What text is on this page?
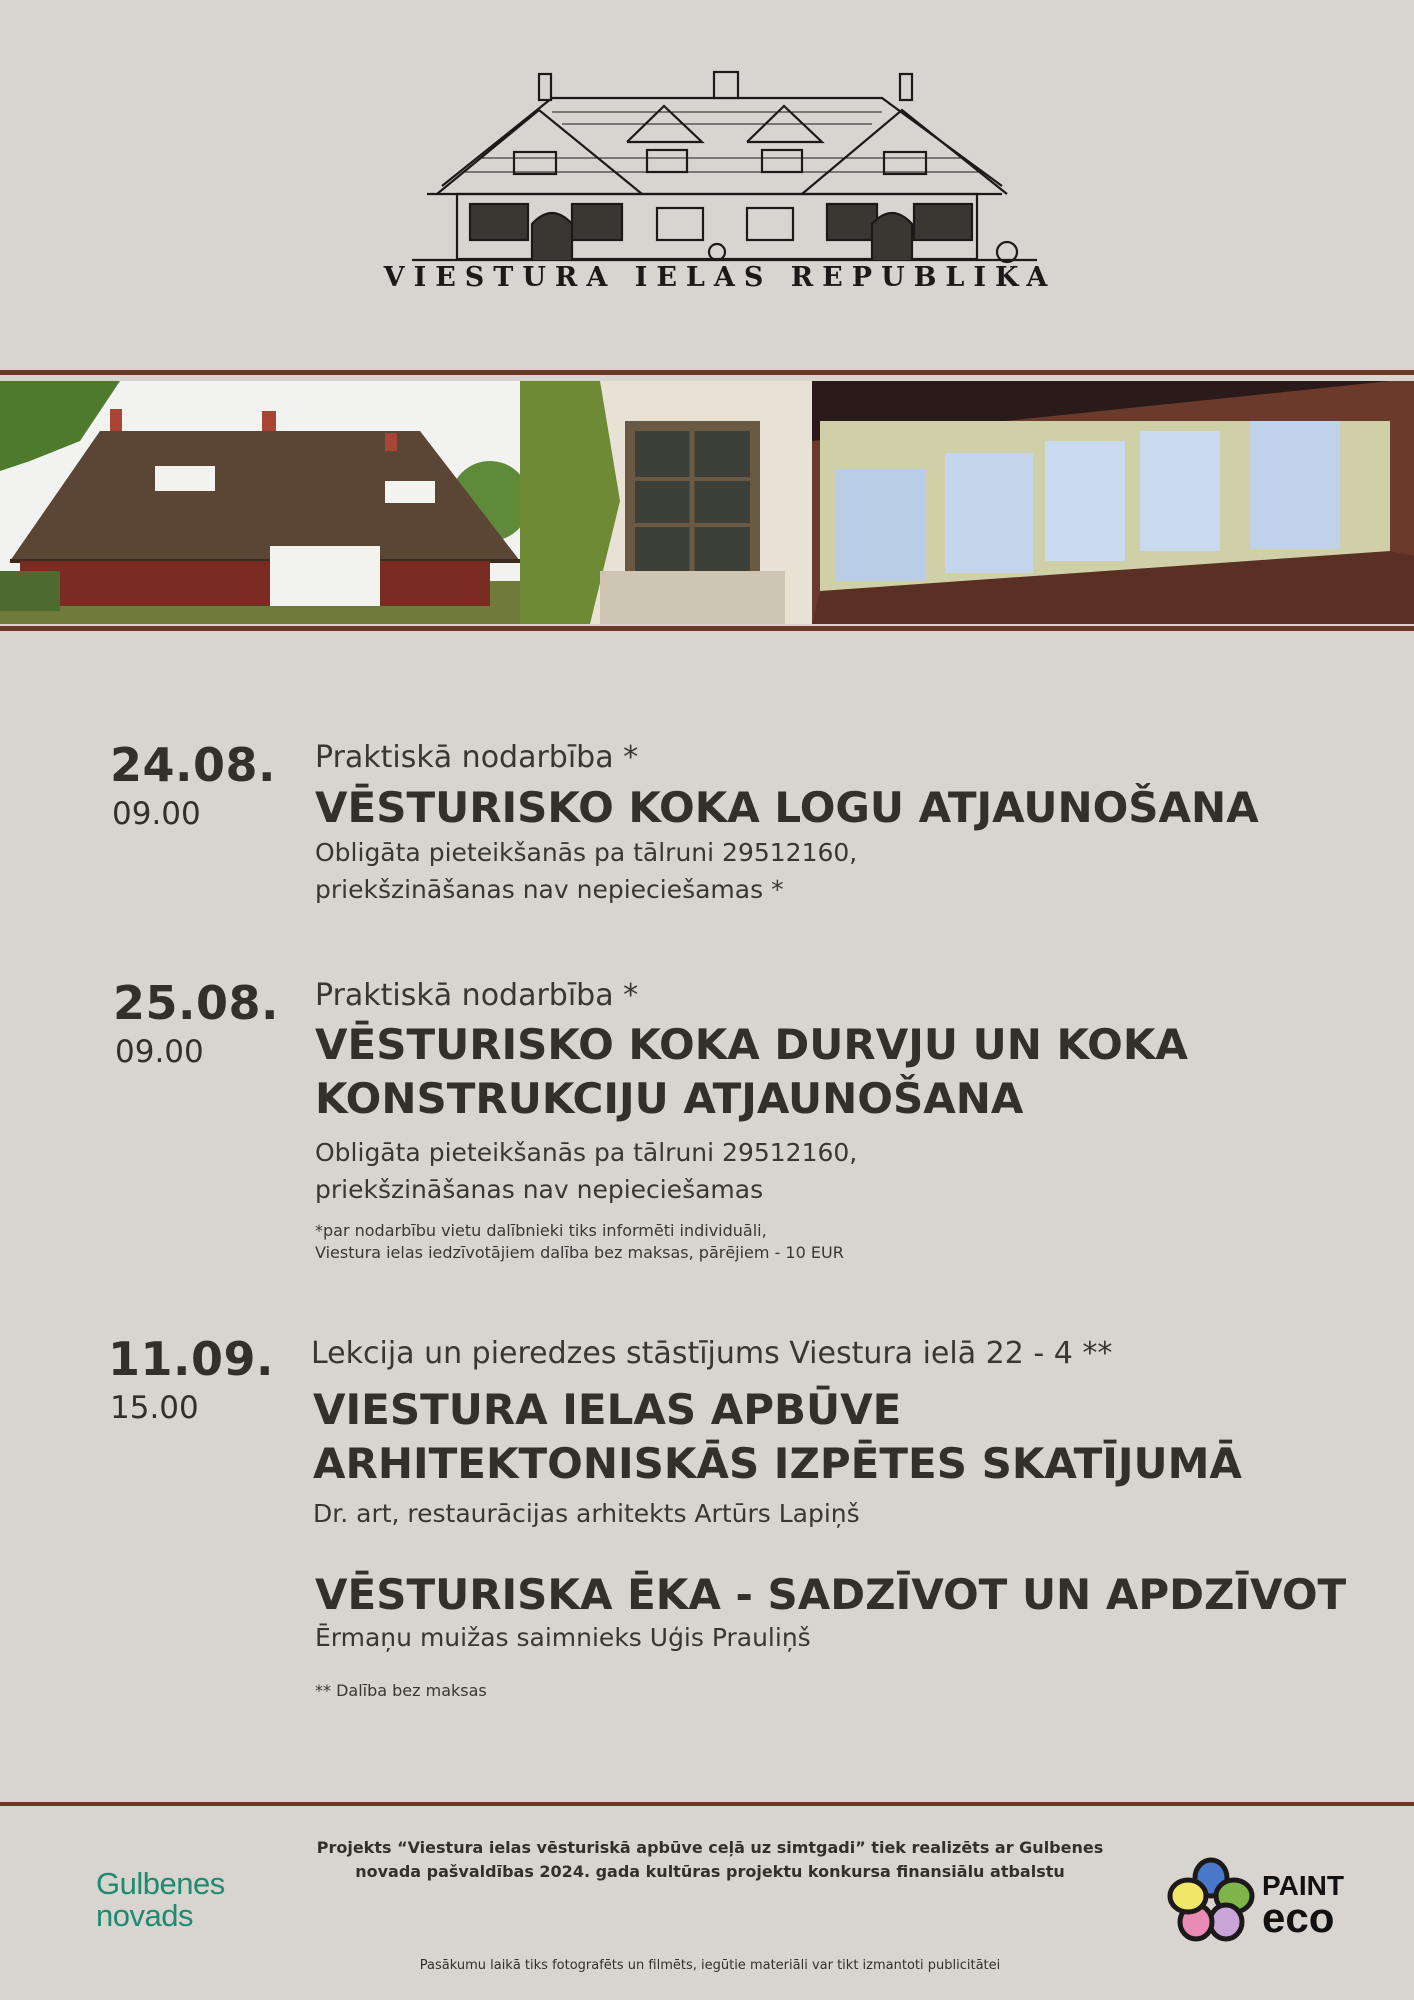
VIESTURA IELAS REPUBLIKA
24.08.
09.00
Praktiskā nodarbība *
VĒSTURISKO KOKA LOGU ATJAUNOŠANA
Obligāta pieteikšanās pa tālruni 29512160,
priekšzināšanas nav nepieciešamas *
25.08.
09.00
Praktiskā nodarbība *
VĒSTURISKO KOKA DURVJU UN KOKA
KONSTRUKCIJU ATJAUNOŠANA
Obligāta pieteikšanās pa tālruni 29512160,
priekšzināšanas nav nepieciešamas
*par nodarbību vietu dalībnieki tiks informēti individuāli,
Viestura ielas iedzīvotājiem dalība bez maksas, pārējiem - 10 EUR
11.09.
15.00
Lekcija un pieredzes stāstījums Viestura ielā 22 - 4 **
VIESTURA IELAS APBŪVE
ARHITEKTONISKĀS IZPĒTES SKATĪJUMĀ
Dr. art, restaurācijas arhitekts Artūrs Lapiņš
VĒSTURISKA ĒKA - SADZĪVOT UN APDZĪVOT
Ērmaņu muižas saimnieks Uģis Prauliņš
** Dalība bez maksas
Gulbenes
novads
Projekts “Viestura ielas vēsturiskā apbūve ceļā uz simtgadi” tiek realizēts ar Gulbenes
novada pašvaldības 2024. gada kultūras projektu konkursa finansiālu atbalstu	PAINT
eco
Pasākumu laikā tiks fotografēts un filmēts, iegūtie materiāli var tikt izmantoti publicitātei
